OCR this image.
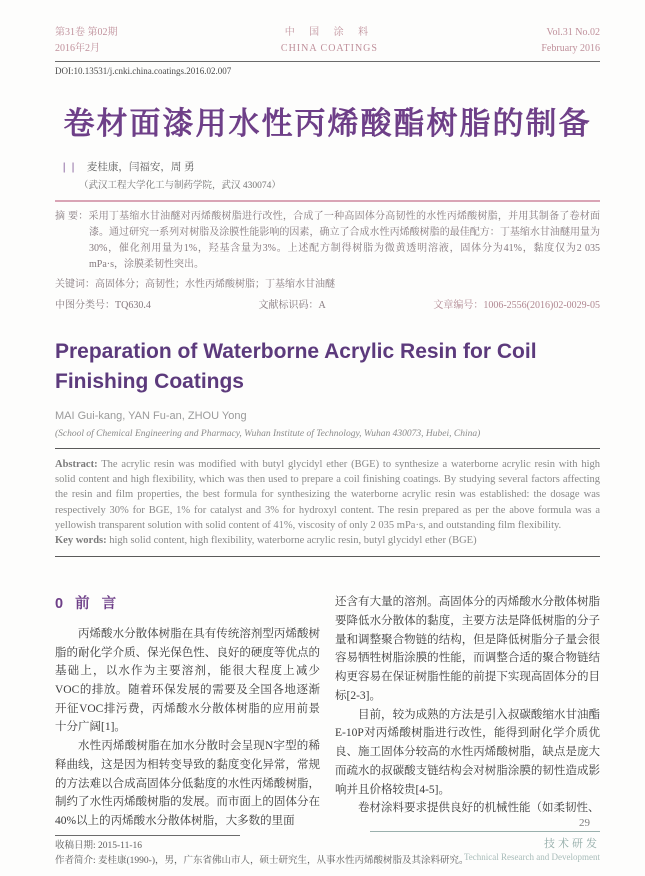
第31卷 第02期
2016年2月
中 国 涂 料
CHINA COATINGS
Vol.31 No.02
February 2016
DOI:10.13531/j.cnki.china.coatings.2016.02.007
卷材面漆用水性丙烯酸酯树脂的制备
| | 麦桂康，闫福安，周 勇
（武汉工程大学化工与制药学院，武汉 430074）
摘 要：采用丁基缩水甘油醚对丙烯酸树脂进行改性，合成了一种高固体分高韧性的水性丙烯酸树脂，并用其制备了卷材面漆。通过研究一系列对树脂及涂膜性能影响的因素，确立了合成水性丙烯酸树脂的最佳配方：丁基缩水甘油醚用量为30%，催化剂用量为1%，羟基含量为3%。上述配方制得树脂为微黄透明溶液，固体分为41%，黏度仅为2 035 mPa·s，涂膜柔韧性突出。
关键词：高固体分；高韧性；水性丙烯酸树脂；丁基缩水甘油醚
中图分类号：TQ630.4	文献标识码：A	文章编号：1006-2556(2016)02-0029-05
Preparation of Waterborne Acrylic Resin for Coil Finishing Coatings
MAI Gui-kang, YAN Fu-an, ZHOU Yong
(School of Chemical Engineering and Pharmacy, Wuhan Institute of Technology, Wuhan 430073, Hubei, China)
Abstract: The acrylic resin was modified with butyl glycidyl ether (BGE) to synthesize a waterborne acrylic resin with high solid content and high flexibility, which was then used to prepare a coil finishing coatings. By studying several factors affecting the resin and film properties, the best formula for synthesizing the waterborne acrylic resin was established: the dosage was respectively 30% for BGE, 1% for catalyst and 3% for hydroxyl content. The resin prepared as per the above formula was a yellowish transparent solution with solid content of 41%, viscosity of only 2 035 mPa·s, and outstanding film flexibility.
Key words: high solid content, high flexibility, waterborne acrylic resin, butyl glycidyl ether (BGE)
0 前 言

丙烯酸水分散体树脂在具有传统溶剂型丙烯酸树脂的耐化学介质、保光保色性、良好的硬度等优点的基础上，以水作为主要溶剂，能很大程度上减少VOC的排放。随着环保发展的需要及全国各地逐渐开征VOC排污费，丙烯酸水分散体树脂的应用前景十分广阔[1]。

水性丙烯酸树脂在加水分散时会呈现N字型的稀释曲线，这是因为相转变导致的黏度变化异常，常规的方法难以合成高固体分低黏度的水性丙烯酸树脂，制约了水性丙烯酸树脂的发展。而市面上的固体分在40%以上的丙烯酸水分散体树脂，大多数的里面

还含有大量的溶剂。高固体分的丙烯酸水分散体树脂要降低水分散体的黏度，主要方法是降低树脂的分子量和调整聚合物链的结构，但是降低树脂分子量会很容易牺牲树脂涂膜的性能，而调整合适的聚合物链结构更容易在保证树脂性能的前提下实现高固体分的目标[2-3]。

目前，较为成熟的方法是引入叔碳酸缩水甘油酯E-10P对丙烯酸树脂进行改性，能得到耐化学介质优良、施工固体分较高的水性丙烯酸树脂，缺点是庞大而疏水的叔碳酸支链结构会对树脂涂膜的韧性造成影响并且价格较贵[4-5]。

卷材涂料要求提供良好的机械性能（如柔韧性、

收稿日期: 2015-11-16
作者简介: 麦桂康(1990-)，男，广东省佛山市人，硕士研究生，从事水性丙烯酸树脂及其涂料研究。
29
技术研发
Technical Research and Development
